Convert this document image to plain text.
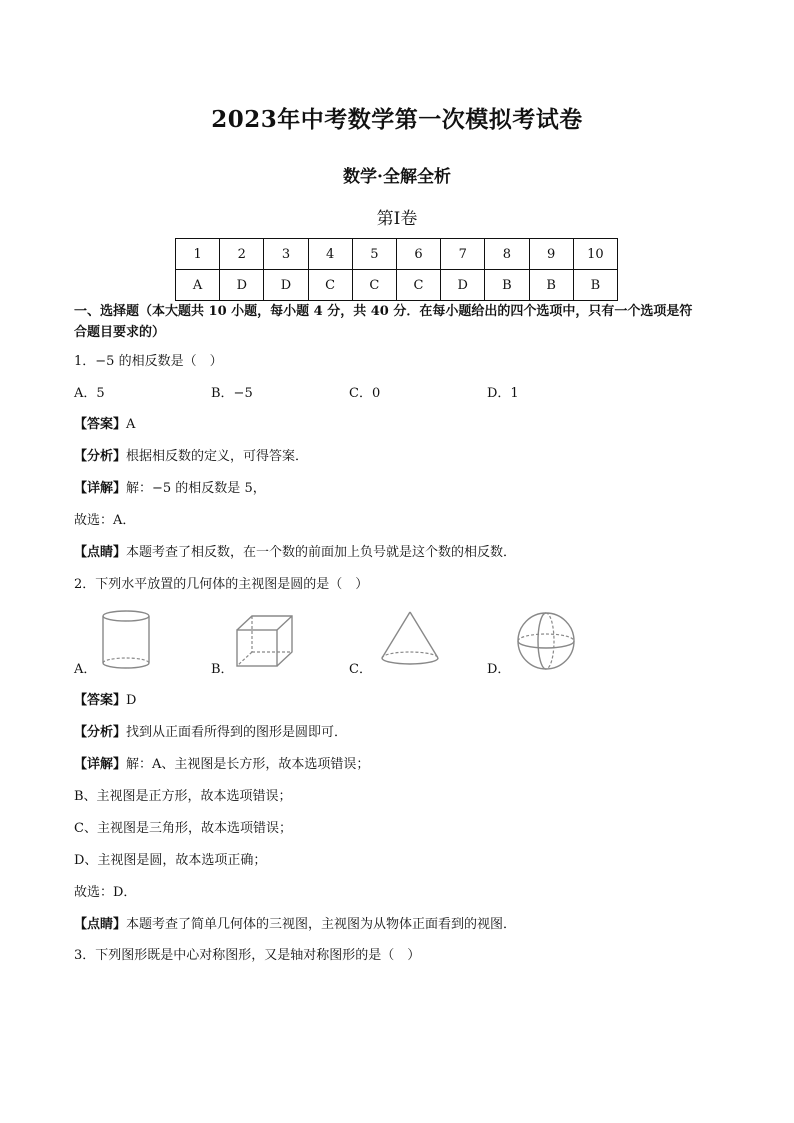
2023年中考数学第一次模拟考试卷
数学·全解全析
第Ⅰ卷
1	2	3	4	5	6	7	8	9	10
A	D	D	C	C	C	D	B	B	B
一、选择题（本大题共 10 小题，每小题 4 分，共 40 分．在每小题给出的四个选项中，只有一个选项是符
合题目要求的）
1．−5 的相反数是（　）
A．5	B．−5	C．0	D．1
【答案】A
【分析】根据相反数的定义，可得答案．
【详解】解：−5 的相反数是 5，
故选：A．
【点睛】本题考查了相反数，在一个数的前面加上负号就是这个数的相反数．
2．下列水平放置的几何体的主视图是圆的是（　）
A．	B．	C．	D．
【答案】D
【分析】找到从正面看所得到的图形是圆即可．
【详解】解：A、主视图是长方形，故本选项错误；
B、主视图是正方形，故本选项错误；
C、主视图是三角形，故本选项错误；
D、主视图是圆，故本选项正确；
故选：D．
【点睛】本题考查了简单几何体的三视图，主视图为从物体正面看到的视图．
3．下列图形既是中心对称图形，又是轴对称图形的是（　）
